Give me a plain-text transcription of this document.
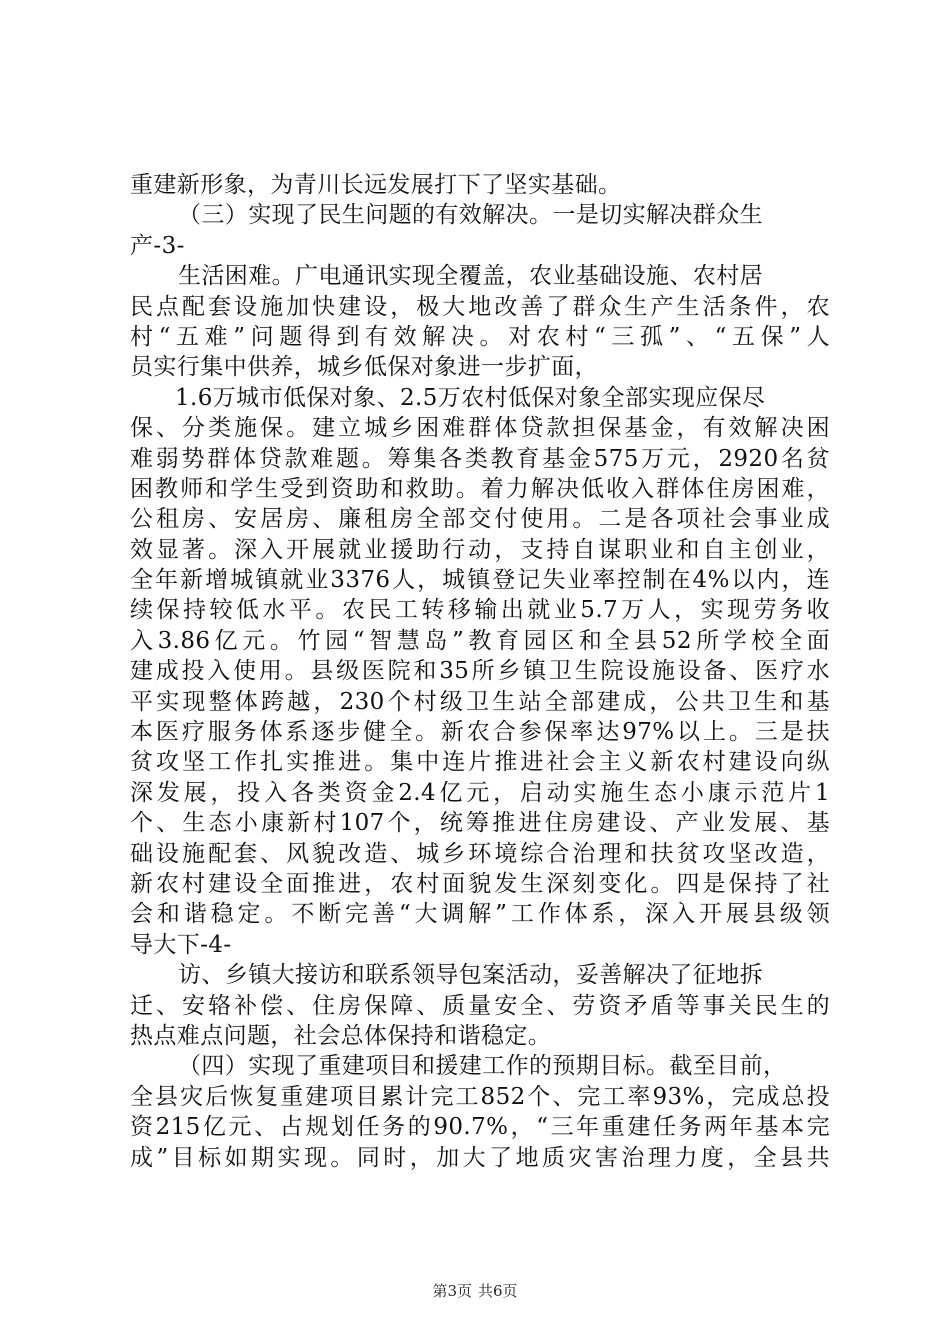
重建新形象，为青川长远发展打下了坚实基础。
（三）实现了民生问题的有效解决。一是切实解决群众生
产-3-
生活困难。广电通讯实现全覆盖，农业基础设施、农村居
民点配套设施加快建设，极大地改善了群众生产生活条件，农
村“五难”问题得到有效解决。对农村“三孤”、“五保”人
员实行集中供养，城乡低保对象进一步扩面，
1.6万城市低保对象、2.5万农村低保对象全部实现应保尽
保、分类施保。建立城乡困难群体贷款担保基金，有效解决困
难弱势群体贷款难题。筹集各类教育基金575万元，2920名贫
困教师和学生受到资助和救助。着力解决低收入群体住房困难，
公租房、安居房、廉租房全部交付使用。二是各项社会事业成
效显著。深入开展就业援助行动，支持自谋职业和自主创业，
全年新增城镇就业3376人，城镇登记失业率控制在4%以内，连
续保持较低水平。农民工转移输出就业5.7万人，实现劳务收
入3.86亿元。竹园“智慧岛”教育园区和全县52所学校全面
建成投入使用。县级医院和35所乡镇卫生院设施设备、医疗水
平实现整体跨越，230个村级卫生站全部建成，公共卫生和基
本医疗服务体系逐步健全。新农合参保率达97%以上。三是扶
贫攻坚工作扎实推进。集中连片推进社会主义新农村建设向纵
深发展，投入各类资金2.4亿元，启动实施生态小康示范片1
个、生态小康新村107个，统筹推进住房建设、产业发展、基
础设施配套、风貌改造、城乡环境综合治理和扶贫攻坚改造，
新农村建设全面推进，农村面貌发生深刻变化。四是保持了社
会和谐稳定。不断完善“大调解”工作体系，深入开展县级领
导大下-4-
访、乡镇大接访和联系领导包案活动，妥善解决了征地拆
迁、安辂补偿、住房保障、质量安全、劳资矛盾等事关民生的
热点难点问题，社会总体保持和谐稳定。
（四）实现了重建项目和援建工作的预期目标。截至目前，
全县灾后恢复重建项目累计完工852个、完工率93%，完成总投
资215亿元、占规划任务的90.7%，“三年重建任务两年基本完
成”目标如期实现。同时，加大了地质灾害治理力度，全县共
第3页 共6页
